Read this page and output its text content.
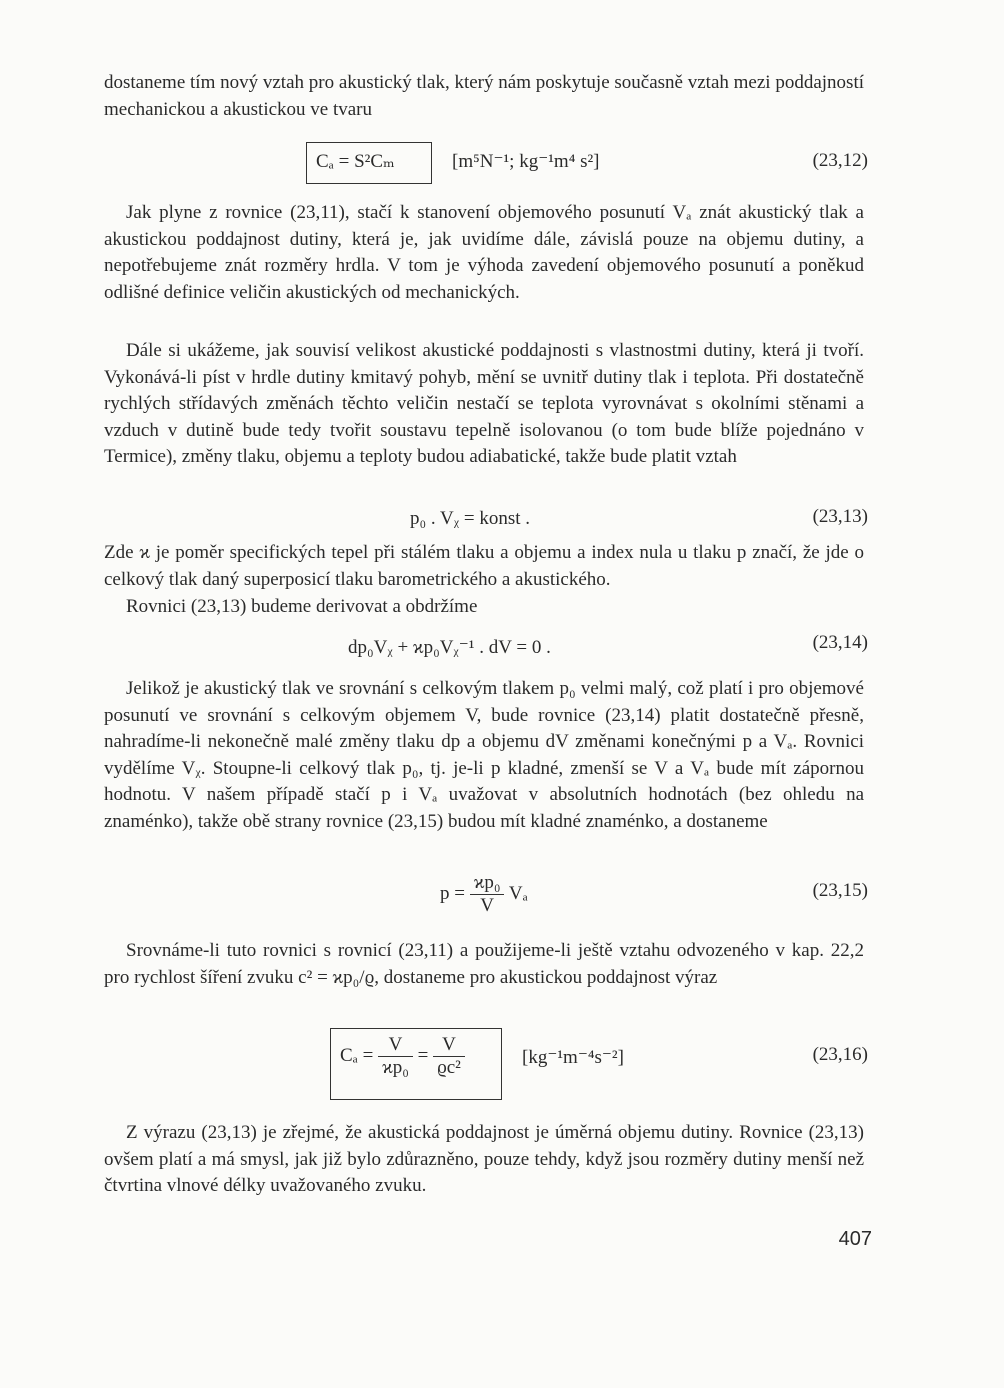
dostaneme tím nový vztah pro akustický tlak, který nám poskytuje současně vztah mezi poddajností mechanickou a akustickou ve tvaru

Cₐ = S²Cₘ	[m⁵N⁻¹; kg⁻¹m⁴ s²]	(23,12)

Jak plyne z rovnice (23,11), stačí k stanovení objemového posunutí Vₐ znát akustický tlak a akustickou poddajnost dutiny, která je, jak uvidíme dále, závislá pouze na objemu dutiny, a nepotřebujeme znát rozměry hrdla. V tom je výhoda zavedení objemového posunutí a poněkud odlišné definice veličin akustických od mechanických.

Dále si ukážeme, jak souvisí velikost akustické poddajnosti s vlastnostmi dutiny, která ji tvoří. Vykonává-li píst v hrdle dutiny kmitavý pohyb, mění se uvnitř dutiny tlak i teplota. Při dostatečně rychlých střídavých změnách těchto veličin nestačí se teplota vyrovnávat s okolními stěnami a vzduch v dutině bude tedy tvořit soustavu tepelně isolovanou (o tom bude blíže pojednáno v Termice), změny tlaku, objemu a teploty budou adiabatické, takže bude platit vztah

p₀ . Vᵪ = konst .	(23,13)

Zde ϰ je poměr specifických tepel při stálém tlaku a objemu a index nula u tlaku p značí, že jde o celkový tlak daný superposicí tlaku barometrického a akustického.

Rovnici (23,13) budeme derivovat a obdržíme

dp₀Vᵪ + ϰp₀Vᵪ⁻¹ . dV = 0 .	(23,14)

Jelikož je akustický tlak ve srovnání s celkovým tlakem p₀ velmi malý, což platí i pro objemové posunutí ve srovnání s celkovým objemem V, bude rovnice (23,14) platit dostatečně přesně, nahradíme-li nekonečně malé změny tlaku dp a objemu dV změnami konečnými p a Vₐ. Rovnici vydělíme Vᵪ. Stoupne-li celkový tlak p₀, tj. je-li p kladné, zmenší se V a Vₐ bude mít zápornou hodnotu. V našem případě stačí p i Vₐ uvažovat v absolutních hodnotách (bez ohledu na znaménko), takže obě strany rovnice (23,15) budou mít kladné znaménko, a dostaneme

$p = \frac{\text{ϰp₀}}{V}$ Vₐ	(23,15)

Srovnáme-li tuto rovnici s rovnicí (23,11) a použijeme-li ještě vztahu odvozeného v kap. 22,2 pro rychlost šíření zvuku c² = ϰp₀/ϱ, dostaneme pro akustickou poddajnost výraz

$C_a = \frac{V}{\text{ϰp₀}} = \frac{V}{\text{ϱc²}}$	[kg⁻¹m⁻⁴s⁻²]	(23,16)

Z výrazu (23,13) je zřejmé, že akustická poddajnost je úměrná objemu dutiny. Rovnice (23,13) ovšem platí a má smysl, jak již bylo zdůrazněno, pouze tehdy, když jsou rozměry dutiny menší než čtvrtina vlnové délky uvažovaného zvuku.

407
